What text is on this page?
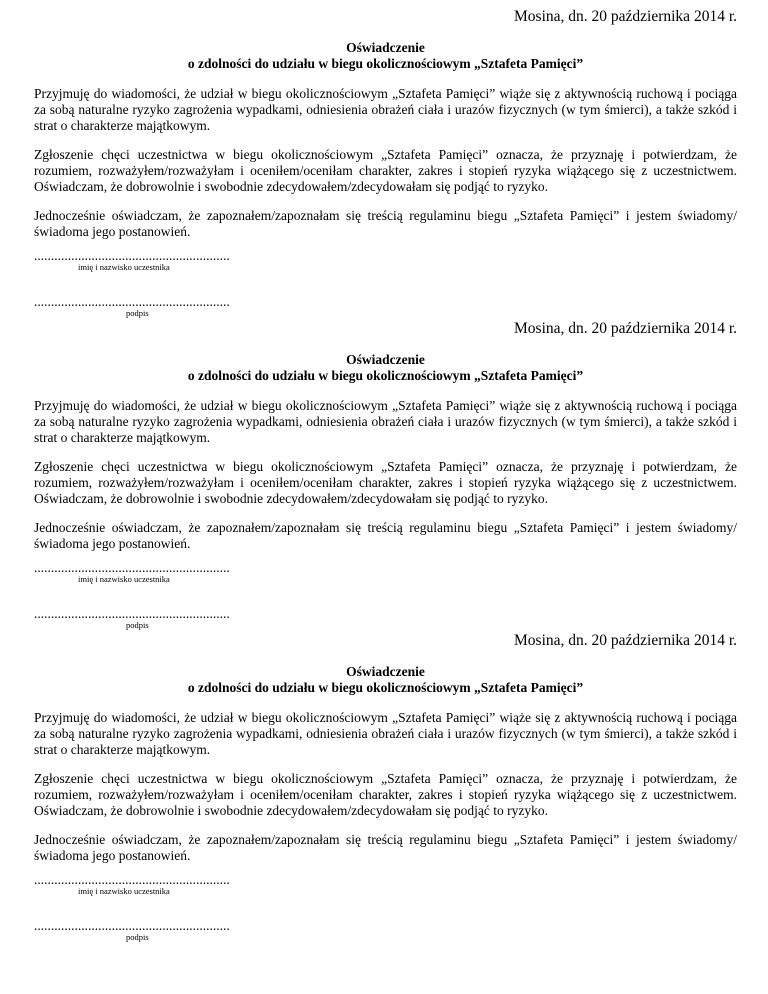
Mosina, dn. 20 października 2014 r.

Oświadczenie
o zdolności do udziału w biegu okolicznościowym „Sztafeta Pamięci”

Przyjmuję do wiadomości, że udział w biegu okolicznościowym „Sztafeta Pamięci” wiąże się z aktywnością ruchową i pociąga za sobą naturalne ryzyko zagrożenia wypadkami, odniesienia obrażeń ciała i urazów fizycznych (w tym śmierci), a także szkód i strat o charakterze majątkowym.

Zgłoszenie chęci uczestnictwa w biegu okolicznościowym „Sztafeta Pamięci” oznacza, że przyznaję i potwierdzam, że rozumiem, rozważyłem/rozważyłam i oceniłem/oceniłam charakter, zakres i stopień ryzyka wiążącego się z uczestnictwem. Oświadczam, że dobrowolnie i swobodnie zdecydowałem/zdecydowałam się podjąć to ryzyko.

Jednocześnie oświadczam, że zapoznałem/zapoznałam się treścią regulaminu biegu „Sztafeta Pamięci” i jestem świadomy/świadoma jego postanowień.

..........................................................
imię i nazwisko uczestnika
..........................................................
podpis

Mosina, dn. 20 października 2014 r.

Oświadczenie
o zdolności do udziału w biegu okolicznościowym „Sztafeta Pamięci”

Przyjmuję do wiadomości, że udział w biegu okolicznościowym „Sztafeta Pamięci” wiąże się z aktywnością ruchową i pociąga za sobą naturalne ryzyko zagrożenia wypadkami, odniesienia obrażeń ciała i urazów fizycznych (w tym śmierci), a także szkód i strat o charakterze majątkowym.

Zgłoszenie chęci uczestnictwa w biegu okolicznościowym „Sztafeta Pamięci” oznacza, że przyznaję i potwierdzam, że rozumiem, rozważyłem/rozważyłam i oceniłem/oceniłam charakter, zakres i stopień ryzyka wiążącego się z uczestnictwem. Oświadczam, że dobrowolnie i swobodnie zdecydowałem/zdecydowałam się podjąć to ryzyko.

Jednocześnie oświadczam, że zapoznałem/zapoznałam się treścią regulaminu biegu „Sztafeta Pamięci” i jestem świadomy/świadoma jego postanowień.

..........................................................
imię i nazwisko uczestnika
..........................................................
podpis

Mosina, dn. 20 października 2014 r.

Oświadczenie
o zdolności do udziału w biegu okolicznościowym „Sztafeta Pamięci”

Przyjmuję do wiadomości, że udział w biegu okolicznościowym „Sztafeta Pamięci” wiąże się z aktywnością ruchową i pociąga za sobą naturalne ryzyko zagrożenia wypadkami, odniesienia obrażeń ciała i urazów fizycznych (w tym śmierci), a także szkód i strat o charakterze majątkowym.

Zgłoszenie chęci uczestnictwa w biegu okolicznościowym „Sztafeta Pamięci” oznacza, że przyznaję i potwierdzam, że rozumiem, rozważyłem/rozważyłam i oceniłem/oceniłam charakter, zakres i stopień ryzyka wiążącego się z uczestnictwem. Oświadczam, że dobrowolnie i swobodnie zdecydowałem/zdecydowałam się podjąć to ryzyko.

Jednocześnie oświadczam, że zapoznałem/zapoznałam się treścią regulaminu biegu „Sztafeta Pamięci” i jestem świadomy/świadoma jego postanowień.

..........................................................
imię i nazwisko uczestnika
..........................................................
podpis
